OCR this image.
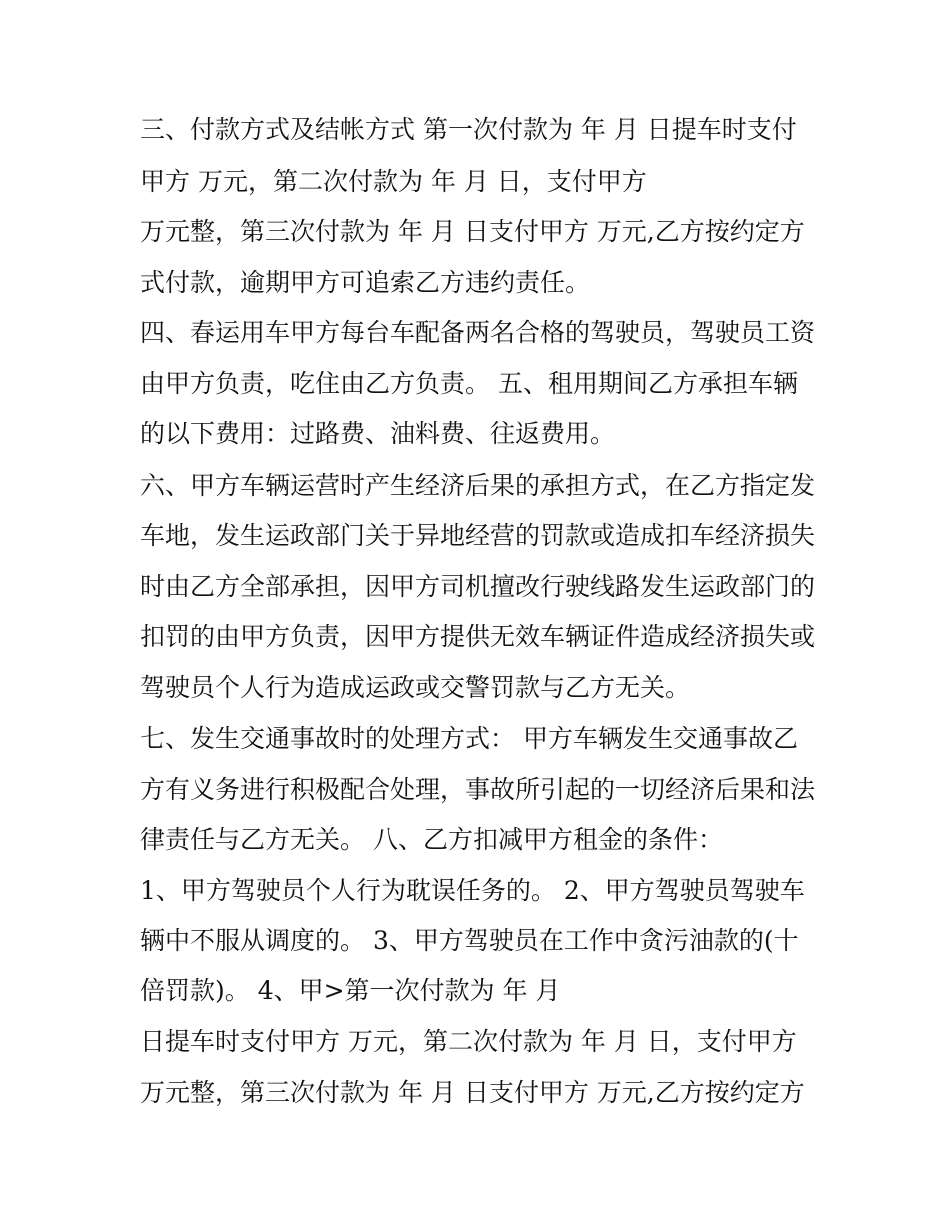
三、付款方式及结帐方式 第一次付款为 年 月 日提车时支付
甲方 万元，第二次付款为 年 月 日，支付甲方
万元整，第三次付款为 年 月 日支付甲方 万元,乙方按约定方
式付款，逾期甲方可追索乙方违约责任。
四、春运用车甲方每台车配备两名合格的驾驶员，驾驶员工资
由甲方负责，吃住由乙方负责。 五、租用期间乙方承担车辆
的以下费用：过路费、油料费、往返费用。
六、甲方车辆运营时产生经济后果的承担方式，在乙方指定发
车地，发生运政部门关于异地经营的罚款或造成扣车经济损失
时由乙方全部承担，因甲方司机擅改行驶线路发生运政部门的
扣罚的由甲方负责，因甲方提供无效车辆证件造成经济损失或
驾驶员个人行为造成运政或交警罚款与乙方无关。
七、发生交通事故时的处理方式： 甲方车辆发生交通事故乙
方有义务进行积极配合处理，事故所引起的一切经济后果和法
律责任与乙方无关。 八、乙方扣减甲方租金的条件：
1、甲方驾驶员个人行为耽误任务的。 2、甲方驾驶员驾驶车
辆中不服从调度的。 3、甲方驾驶员在工作中贪污油款的(十
倍罚款)。 4、甲>第一次付款为 年 月
日提车时支付甲方 万元，第二次付款为 年 月 日，支付甲方
万元整，第三次付款为 年 月 日支付甲方 万元,乙方按约定方
